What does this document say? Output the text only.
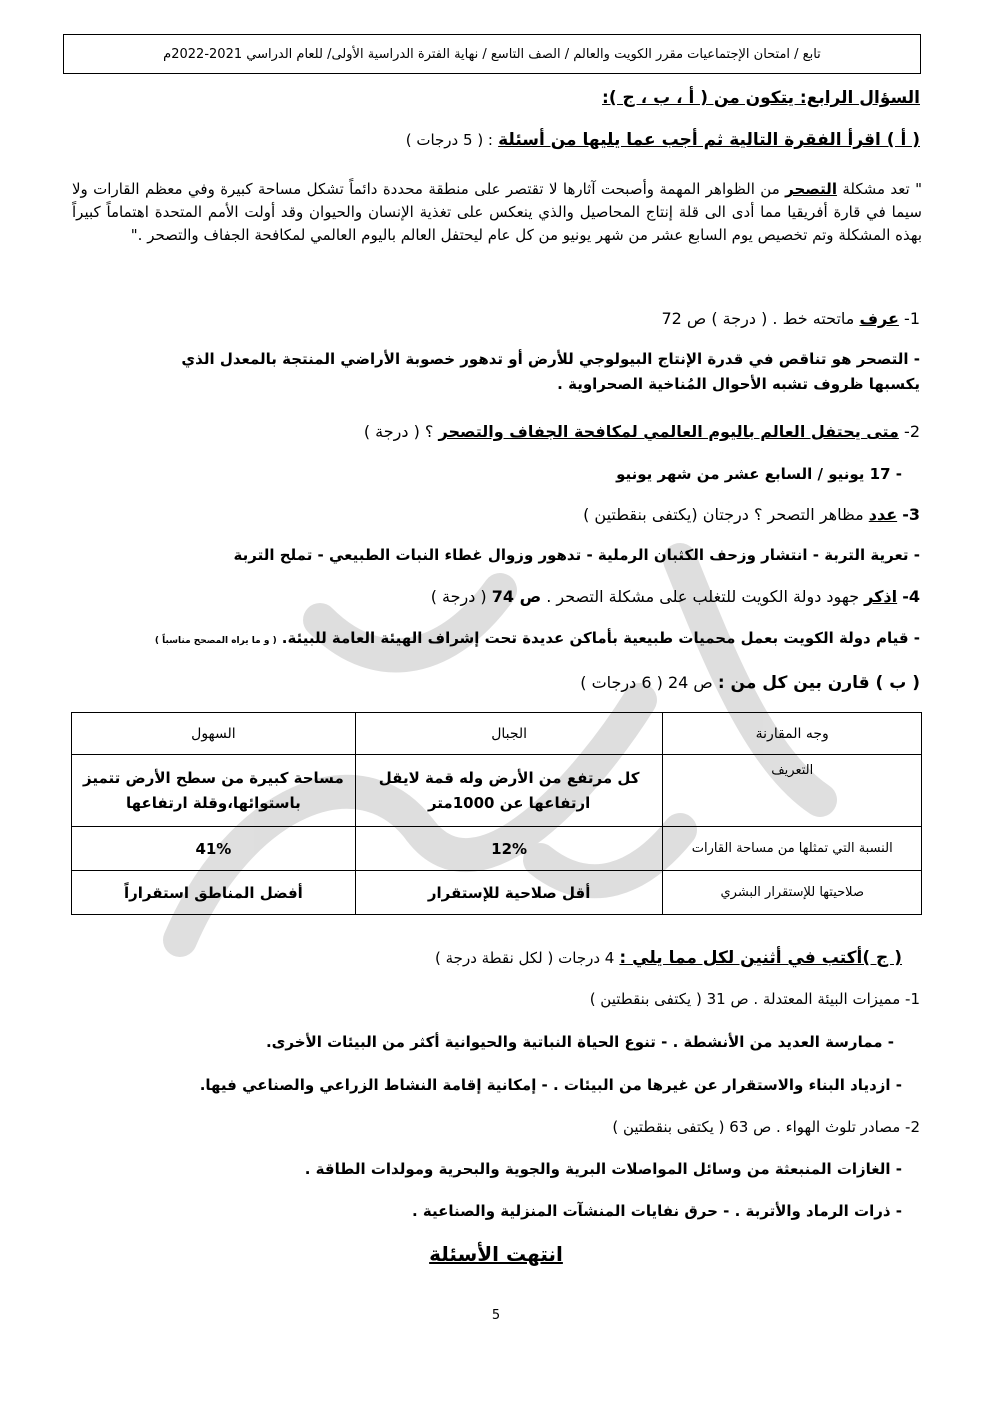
تابع / امتحان الإجتماعيات مقرر الكويت والعالم / الصف التاسع / نهاية الفترة الدراسية الأولى/ للعام الدراسي 2021-2022م
السؤال الرابع: يتكون من ( أ ، ب ، ج ):
( أ ) اقرأ الفقرة التالية ثم أجب عما يليها من أسئلة : ( 5 درجات )
" تعد مشكلة التصحر من الظواهر المهمة وأصبحت آثارها لا تقتصر على منطقة محددة دائماً تشكل مساحة كبيرة وفي معظم القارات ولا سيما في قارة أفريقيا مما أدى الى قلة إنتاج المحاصيل والذي ينعكس على تغذية الإنسان والحيوان وقد أولت الأمم المتحدة اهتماماً كبيراً بهذه المشكلة وتم تخصيص يوم السابع عشر من شهر يونيو من كل عام ليحتفل العالم باليوم العالمي لمكافحة الجفاف والتصحر ."
1- عرف ماتحته خط . ( درجة ) ص 72
- التصحر هو تناقص في قدرة الإنتاج البيولوجي للأرض أو تدهور خصوبة الأراضي المنتجة بالمعدل الذي
يكسبها ظروف تشبه الأحوال المُناخية الصحراوية .
2- متى يحتفل العالم باليوم العالمي لمكافحة الجفاف والتصحر ؟ ( درجة )
- 17 يونيو / السابع عشر من شهر يونيو
3- عدد مظاهر التصحر ؟ درجتان (يكتفى بنقطتين )
- تعرية التربة - انتشار وزحف الكثبان الرملية - تدهور وزوال غطاء النبات الطبيعي - تملح التربة
4- اذكر جهود دولة الكويت للتغلب على مشكلة التصحر . ص 74 ( درجة )
- قيام دولة الكويت بعمل محميات طبيعية بأماكن عديدة تحت إشراف الهيئة العامة للبيئة. ( و ما يراه المصحح مناسباً )
( ب ) قارن بين كل من : ص 24 ( 6 درجات )
وجه المقارنة	الجبال	السهول
التعريف	كل مرتفع من الأرض وله قمة لايقل ارتفاعها عن 1000متر	مساحة كبيرة من سطح الأرض تتميز باستوائها،وقلة ارتفاعها
النسبة التي تمثلها من مساحة القارات	12%	41%
صلاحيتها للإستقرار البشري	أقل صلاحية للإستقرار	أفضل المناطق استقراراً
( ج )أكتب في أثنين لكل مما يلي : 4 درجات ( لكل نقطة درجة )
1- مميزات البيئة المعتدلة . ص 31 ( يكتفى بنقطتين )
- ممارسة العديد من الأنشطة . - تنوع الحياة النباتية والحيوانية أكثر من البيئات الأخرى.
- ازدياد البناء والاستقرار عن غيرها من البيئات . - إمكانية إقامة النشاط الزراعي والصناعي فيها.
2- مصادر تلوث الهواء . ص 63 ( يكتفى بنقطتين )
- الغازات المنبعثة من وسائل المواصلات البرية والجوية والبحرية ومولدات الطاقة .
- ذرات الرماد والأتربة . - حرق نفايات المنشآت المنزلية والصناعية .
انتهت الأسئلة
5
